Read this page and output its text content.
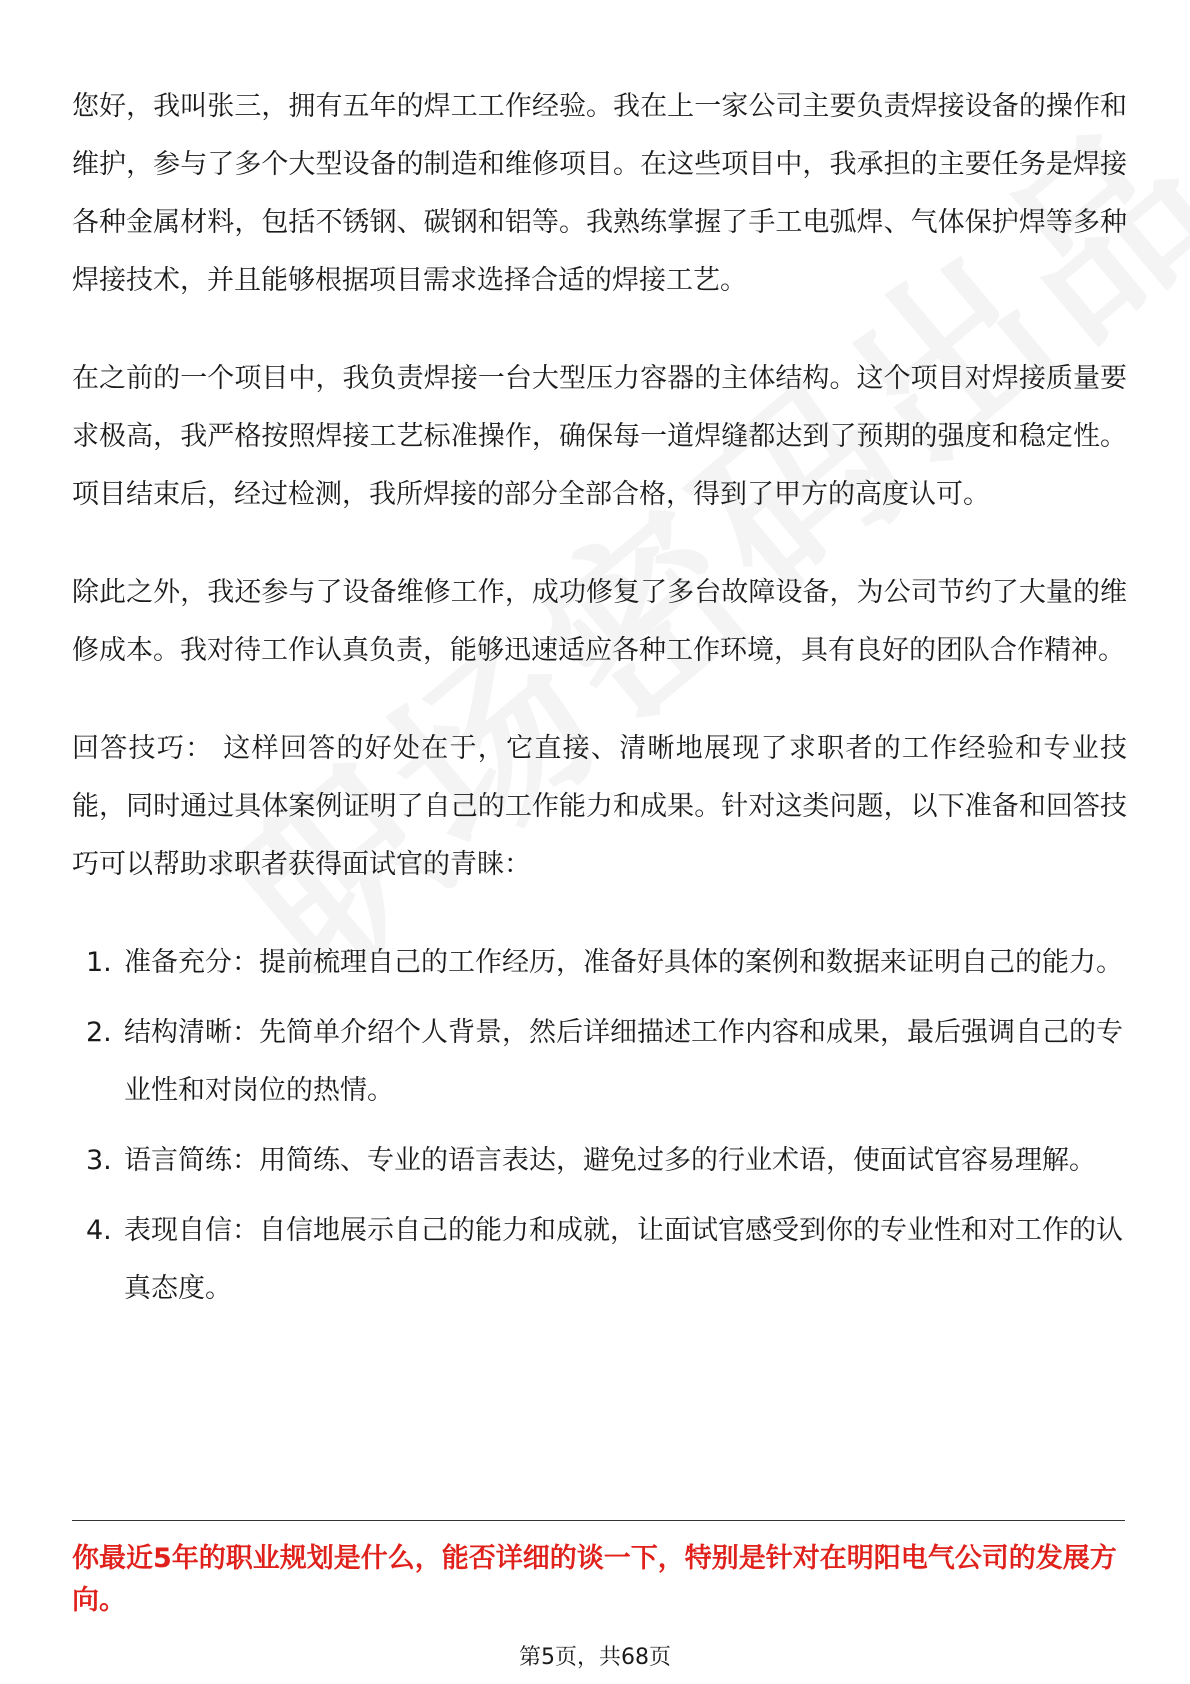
您好，我叫张三，拥有五年的焊工工作经验。我在上一家公司主要负责焊接设备的操作和维护，参与了多个大型设备的制造和维修项目。在这些项目中，我承担的主要任务是焊接各种金属材料，包括不锈钢、碳钢和铝等。我熟练掌握了手工电弧焊、气体保护焊等多种焊接技术，并且能够根据项目需求选择合适的焊接工艺。

在之前的一个项目中，我负责焊接一台大型压力容器的主体结构。这个项目对焊接质量要求极高，我严格按照焊接工艺标准操作，确保每一道焊缝都达到了预期的强度和稳定性。项目结束后，经过检测，我所焊接的部分全部合格，得到了甲方的高度认可。

除此之外，我还参与了设备维修工作，成功修复了多台故障设备，为公司节约了大量的维修成本。我对待工作认真负责，能够迅速适应各种工作环境，具有良好的团队合作精神。

回答技巧： 这样回答的好处在于，它直接、清晰地展现了求职者的工作经验和专业技能，同时通过具体案例证明了自己的工作能力和成果。针对这类问题，以下准备和回答技巧可以帮助求职者获得面试官的青睐：

1. 准备充分：提前梳理自己的工作经历，准备好具体的案例和数据来证明自己的能力。
2. 结构清晰：先简单介绍个人背景，然后详细描述工作内容和成果，最后强调自己的专业性和对岗位的热情。
3. 语言简练：用简练、专业的语言表达，避免过多的行业术语，使面试官容易理解。
4. 表现自信：自信地展示自己的能力和成就，让面试官感受到你的专业性和对工作的认真态度。
你最近5年的职业规划是什么，能否详细的谈一下，特别是针对在明阳电气公司的发展方向。
第5页，共68页
